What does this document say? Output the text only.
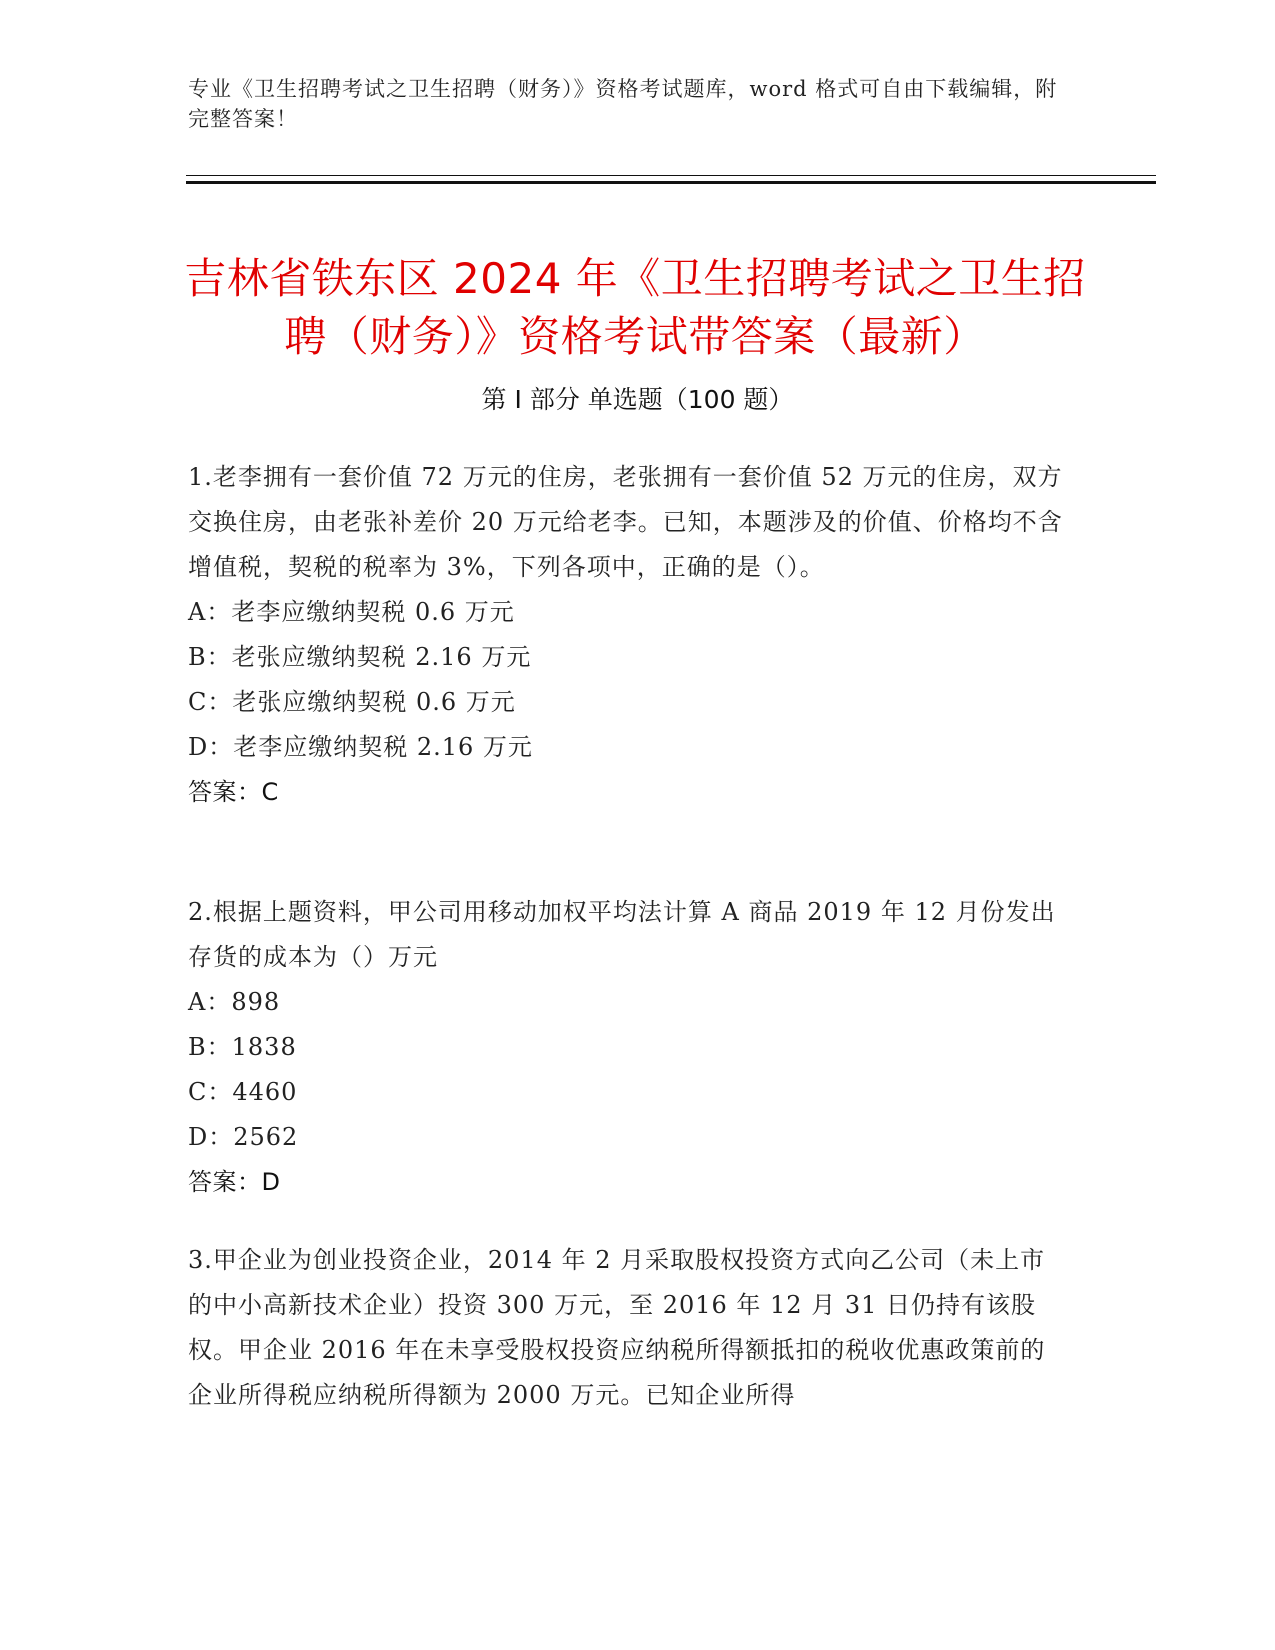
专业《卫生招聘考试之卫生招聘（财务）》资格考试题库，word 格式可自由下载编辑，附完整答案！
吉林省铁东区 2024 年《卫生招聘考试之卫生招聘（财务）》资格考试带答案（最新）
第 I 部分 单选题（100 题）
1.老李拥有一套价值 72 万元的住房，老张拥有一套价值 52 万元的住房，双方交换住房，由老张补差价 20 万元给老李。已知，本题涉及的价值、价格均不含增值税，契税的税率为 3%，下列各项中，正确的是（）。
A：老李应缴纳契税 0.6 万元
B：老张应缴纳契税 2.16 万元
C：老张应缴纳契税 0.6 万元
D：老李应缴纳契税 2.16 万元
答案：C
2.根据上题资料，甲公司用移动加权平均法计算 A 商品 2019 年 12 月份发出存货的成本为（）万元
A：898
B：1838
C：4460
D：2562
答案：D
3.甲企业为创业投资企业，2014 年 2 月采取股权投资方式向乙公司（未上市的中小高新技术企业）投资 300 万元，至 2016 年 12 月 31 日仍持有该股权。甲企业 2016 年在未享受股权投资应纳税所得额抵扣的税收优惠政策前的企业所得税应纳税所得额为 2000 万元。已知企业所得
